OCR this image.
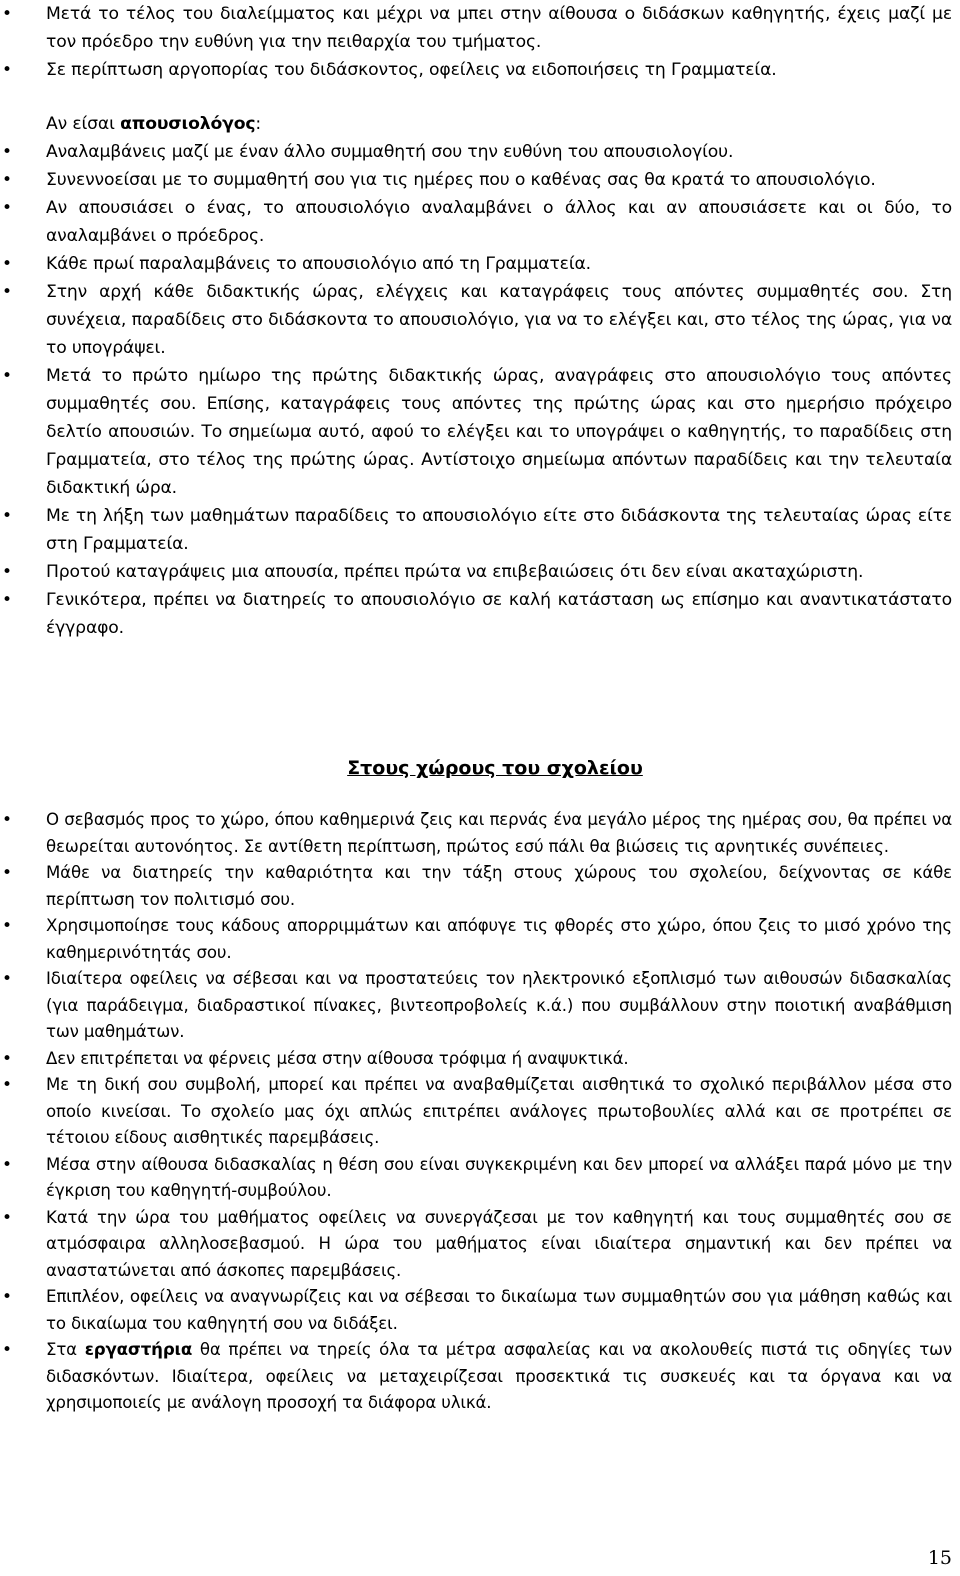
• Μετά το τέλος του διαλείμματος και μέχρι να μπει στην αίθουσα ο διδάσκων καθηγητής, έχεις μαζί με τον πρόεδρο την ευθύνη για την πειθαρχία του τμήματος.
• Σε περίπτωση αργοπορίας του διδάσκοντος, οφείλεις να ειδοποιήσεις τη Γραμματεία.
Αν είσαι απουσιολόγος:
• Αναλαμβάνεις μαζί με έναν άλλο συμμαθητή σου την ευθύνη του απουσιολογίου.
• Συνεννοείσαι με το συμμαθητή σου για τις ημέρες που ο καθένας σας θα κρατά το απουσιολόγιο.
• Αν απουσιάσει ο ένας, το απουσιολόγιο αναλαμβάνει ο άλλος και αν απουσιάσετε και οι δύο, το αναλαμβάνει ο πρόεδρος.
• Κάθε πρωί παραλαμβάνεις το απουσιολόγιο από τη Γραμματεία.
• Στην αρχή κάθε διδακτικής ώρας, ελέγχεις και καταγράφεις τους απόντες συμμαθητές σου. Στη συνέχεια, παραδίδεις στο διδάσκοντα το απουσιολόγιο, για να το ελέγξει και, στο τέλος της ώρας, για να το υπογράψει.
• Μετά το πρώτο ημίωρο της πρώτης διδακτικής ώρας, αναγράφεις στο απουσιολόγιο τους απόντες συμμαθητές σου. Επίσης, καταγράφεις τους απόντες της πρώτης ώρας και στο ημερήσιο πρόχειρο δελτίο απουσιών. Το σημείωμα αυτό, αφού το ελέγξει και το υπογράψει ο καθηγητής, το παραδίδεις στη Γραμματεία, στο τέλος της πρώτης ώρας. Αντίστοιχο σημείωμα απόντων παραδίδεις και την τελευταία διδακτική ώρα.
• Με τη λήξη των μαθημάτων παραδίδεις το απουσιολόγιο είτε στο διδάσκοντα της τελευταίας ώρας είτε στη Γραμματεία.
• Προτού καταγράψεις μια απουσία, πρέπει πρώτα να επιβεβαιώσεις ότι δεν είναι ακαταχώριστη.
• Γενικότερα, πρέπει να διατηρείς το απουσιολόγιο σε καλή κατάσταση ως επίσημο και αναντικατάστατο έγγραφο.
Στους χώρους του σχολείου
• Ο σεβασμός προς το χώρο, όπου καθημερινά ζεις και περνάς ένα μεγάλο μέρος της ημέρας σου, θα πρέπει να θεωρείται αυτονόητος. Σε αντίθετη περίπτωση, πρώτος εσύ πάλι θα βιώσεις τις αρνητικές συνέπειες.
• Μάθε να διατηρείς την καθαριότητα και την τάξη στους χώρους του σχολείου, δείχνοντας σε κάθε περίπτωση τον πολιτισμό σου.
• Χρησιμοποίησε τους κάδους απορριμμάτων και απόφυγε τις φθορές στο χώρο, όπου ζεις το μισό χρόνο της καθημερινότητάς σου.
• Ιδιαίτερα οφείλεις να σέβεσαι και να προστατεύεις τον ηλεκτρονικό εξοπλισμό των αιθουσών διδασκαλίας (για παράδειγμα, διαδραστικοί πίνακες, βιντεοπροβολείς κ.ά.) που συμβάλλουν στην ποιοτική αναβάθμιση των μαθημάτων.
• Δεν επιτρέπεται να φέρνεις μέσα στην αίθουσα τρόφιμα ή αναψυκτικά.
• Με τη δική σου συμβολή, μπορεί και πρέπει να αναβαθμίζεται αισθητικά το σχολικό περιβάλλον μέσα στο οποίο κινείσαι. Το σχολείο μας όχι απλώς επιτρέπει ανάλογες πρωτοβουλίες αλλά και σε προτρέπει σε τέτοιου είδους αισθητικές παρεμβάσεις.
• Μέσα στην αίθουσα διδασκαλίας η θέση σου είναι συγκεκριμένη και δεν μπορεί να αλλάξει παρά μόνο με την έγκριση του καθηγητή-συμβούλου.
• Κατά την ώρα του μαθήματος οφείλεις να συνεργάζεσαι με τον καθηγητή και τους συμμαθητές σου σε ατμόσφαιρα αλληλοσεβασμού. Η ώρα του μαθήματος είναι ιδιαίτερα σημαντική και δεν πρέπει να αναστατώνεται από άσκοπες παρεμβάσεις.
• Επιπλέον, οφείλεις να αναγνωρίζεις και να σέβεσαι το δικαίωμα των συμμαθητών σου για μάθηση καθώς και το δικαίωμα του καθηγητή σου να διδάξει.
• Στα εργαστήρια θα πρέπει να τηρείς όλα τα μέτρα ασφαλείας και να ακολουθείς πιστά τις οδηγίες των διδασκόντων. Ιδιαίτερα, οφείλεις να μεταχειρίζεσαι προσεκτικά τις συσκευές και τα όργανα και να χρησιμοποιείς με ανάλογη προσοχή τα διάφορα υλικά.
15
